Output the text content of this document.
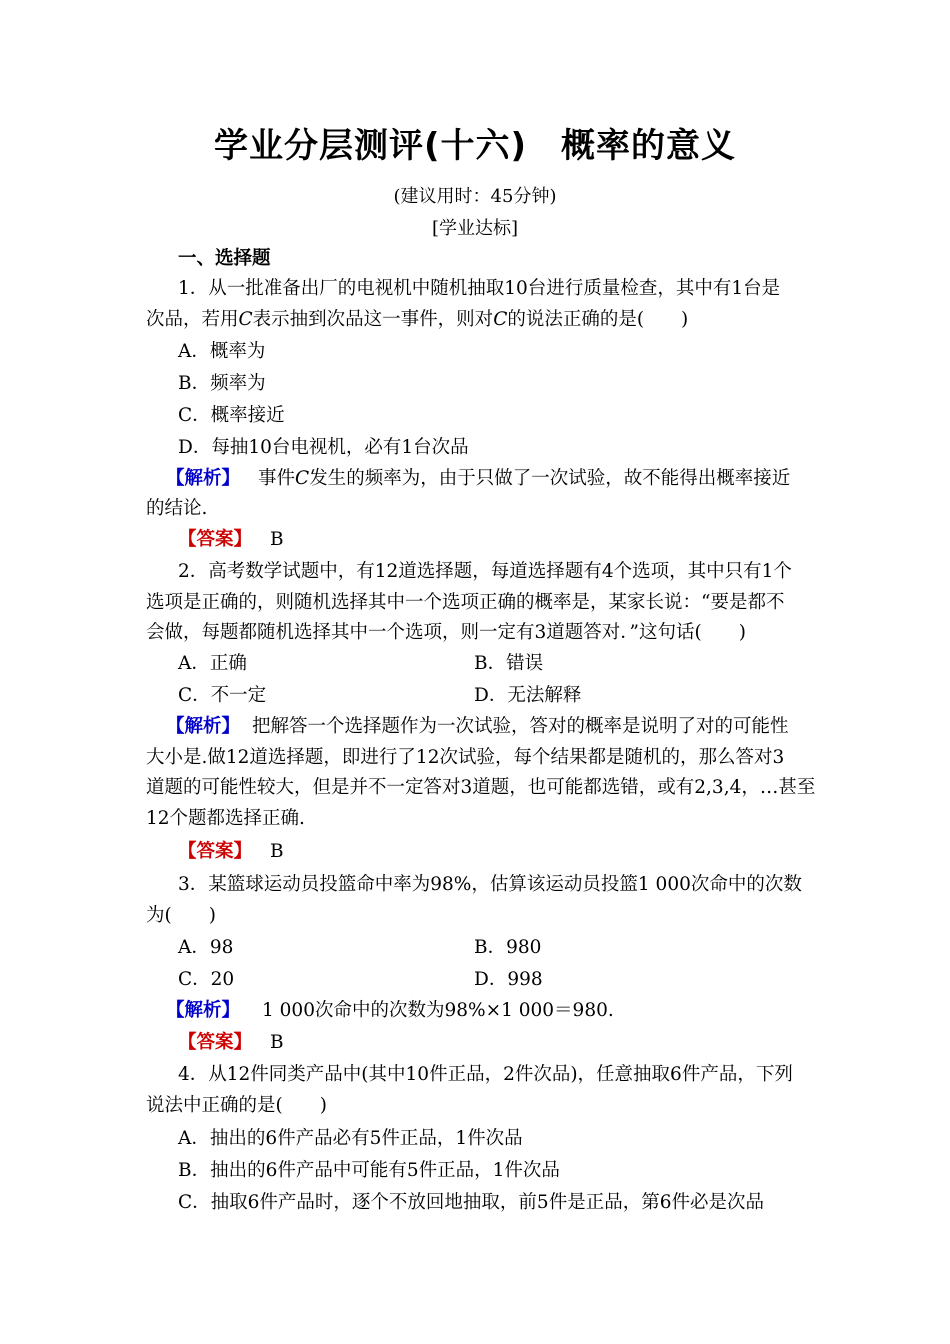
学业分层测评(十六) 概率的意义
(建议用时：45分钟)
[学业达标]
一、选择题
1．从一批准备出厂的电视机中随机抽取10台进行质量检查，其中有1台是
次品，若用C表示抽到次品这一事件，则对C的说法正确的是(　　)
A．概率为
B．频率为
C．概率接近
D．每抽10台电视机，必有1台次品
【解析】 事件C发生的频率为，由于只做了一次试验，故不能得出概率接近
的结论.
【答案】 B
2．高考数学试题中，有12道选择题，每道选择题有4个选项，其中只有1个
选项是正确的，则随机选择其中一个选项正确的概率是，某家长说：“要是都不
会做，每题都随机选择其中一个选项，则一定有3道题答对．”这句话(　　)
A．正确	B．错误
C．不一定	D．无法解释
【解析】 把解答一个选择题作为一次试验，答对的概率是说明了对的可能性
大小是.做12道选择题，即进行了12次试验，每个结果都是随机的，那么答对3
道题的可能性较大，但是并不一定答对3道题，也可能都选错，或有2,3,4，…甚至
12个题都选择正确.
【答案】 B
3．某篮球运动员投篮命中率为98%，估算该运动员投篮1 000次命中的次数
为(　　)
A．98	B．980
C．20	D．998
【解析】 1 000次命中的次数为98%×1 000＝980.
【答案】 B
4．从12件同类产品中(其中10件正品，2件次品)，任意抽取6件产品，下列
说法中正确的是(　　)
A．抽出的6件产品必有5件正品，1件次品
B．抽出的6件产品中可能有5件正品，1件次品
C．抽取6件产品时，逐个不放回地抽取，前5件是正品，第6件必是次品
